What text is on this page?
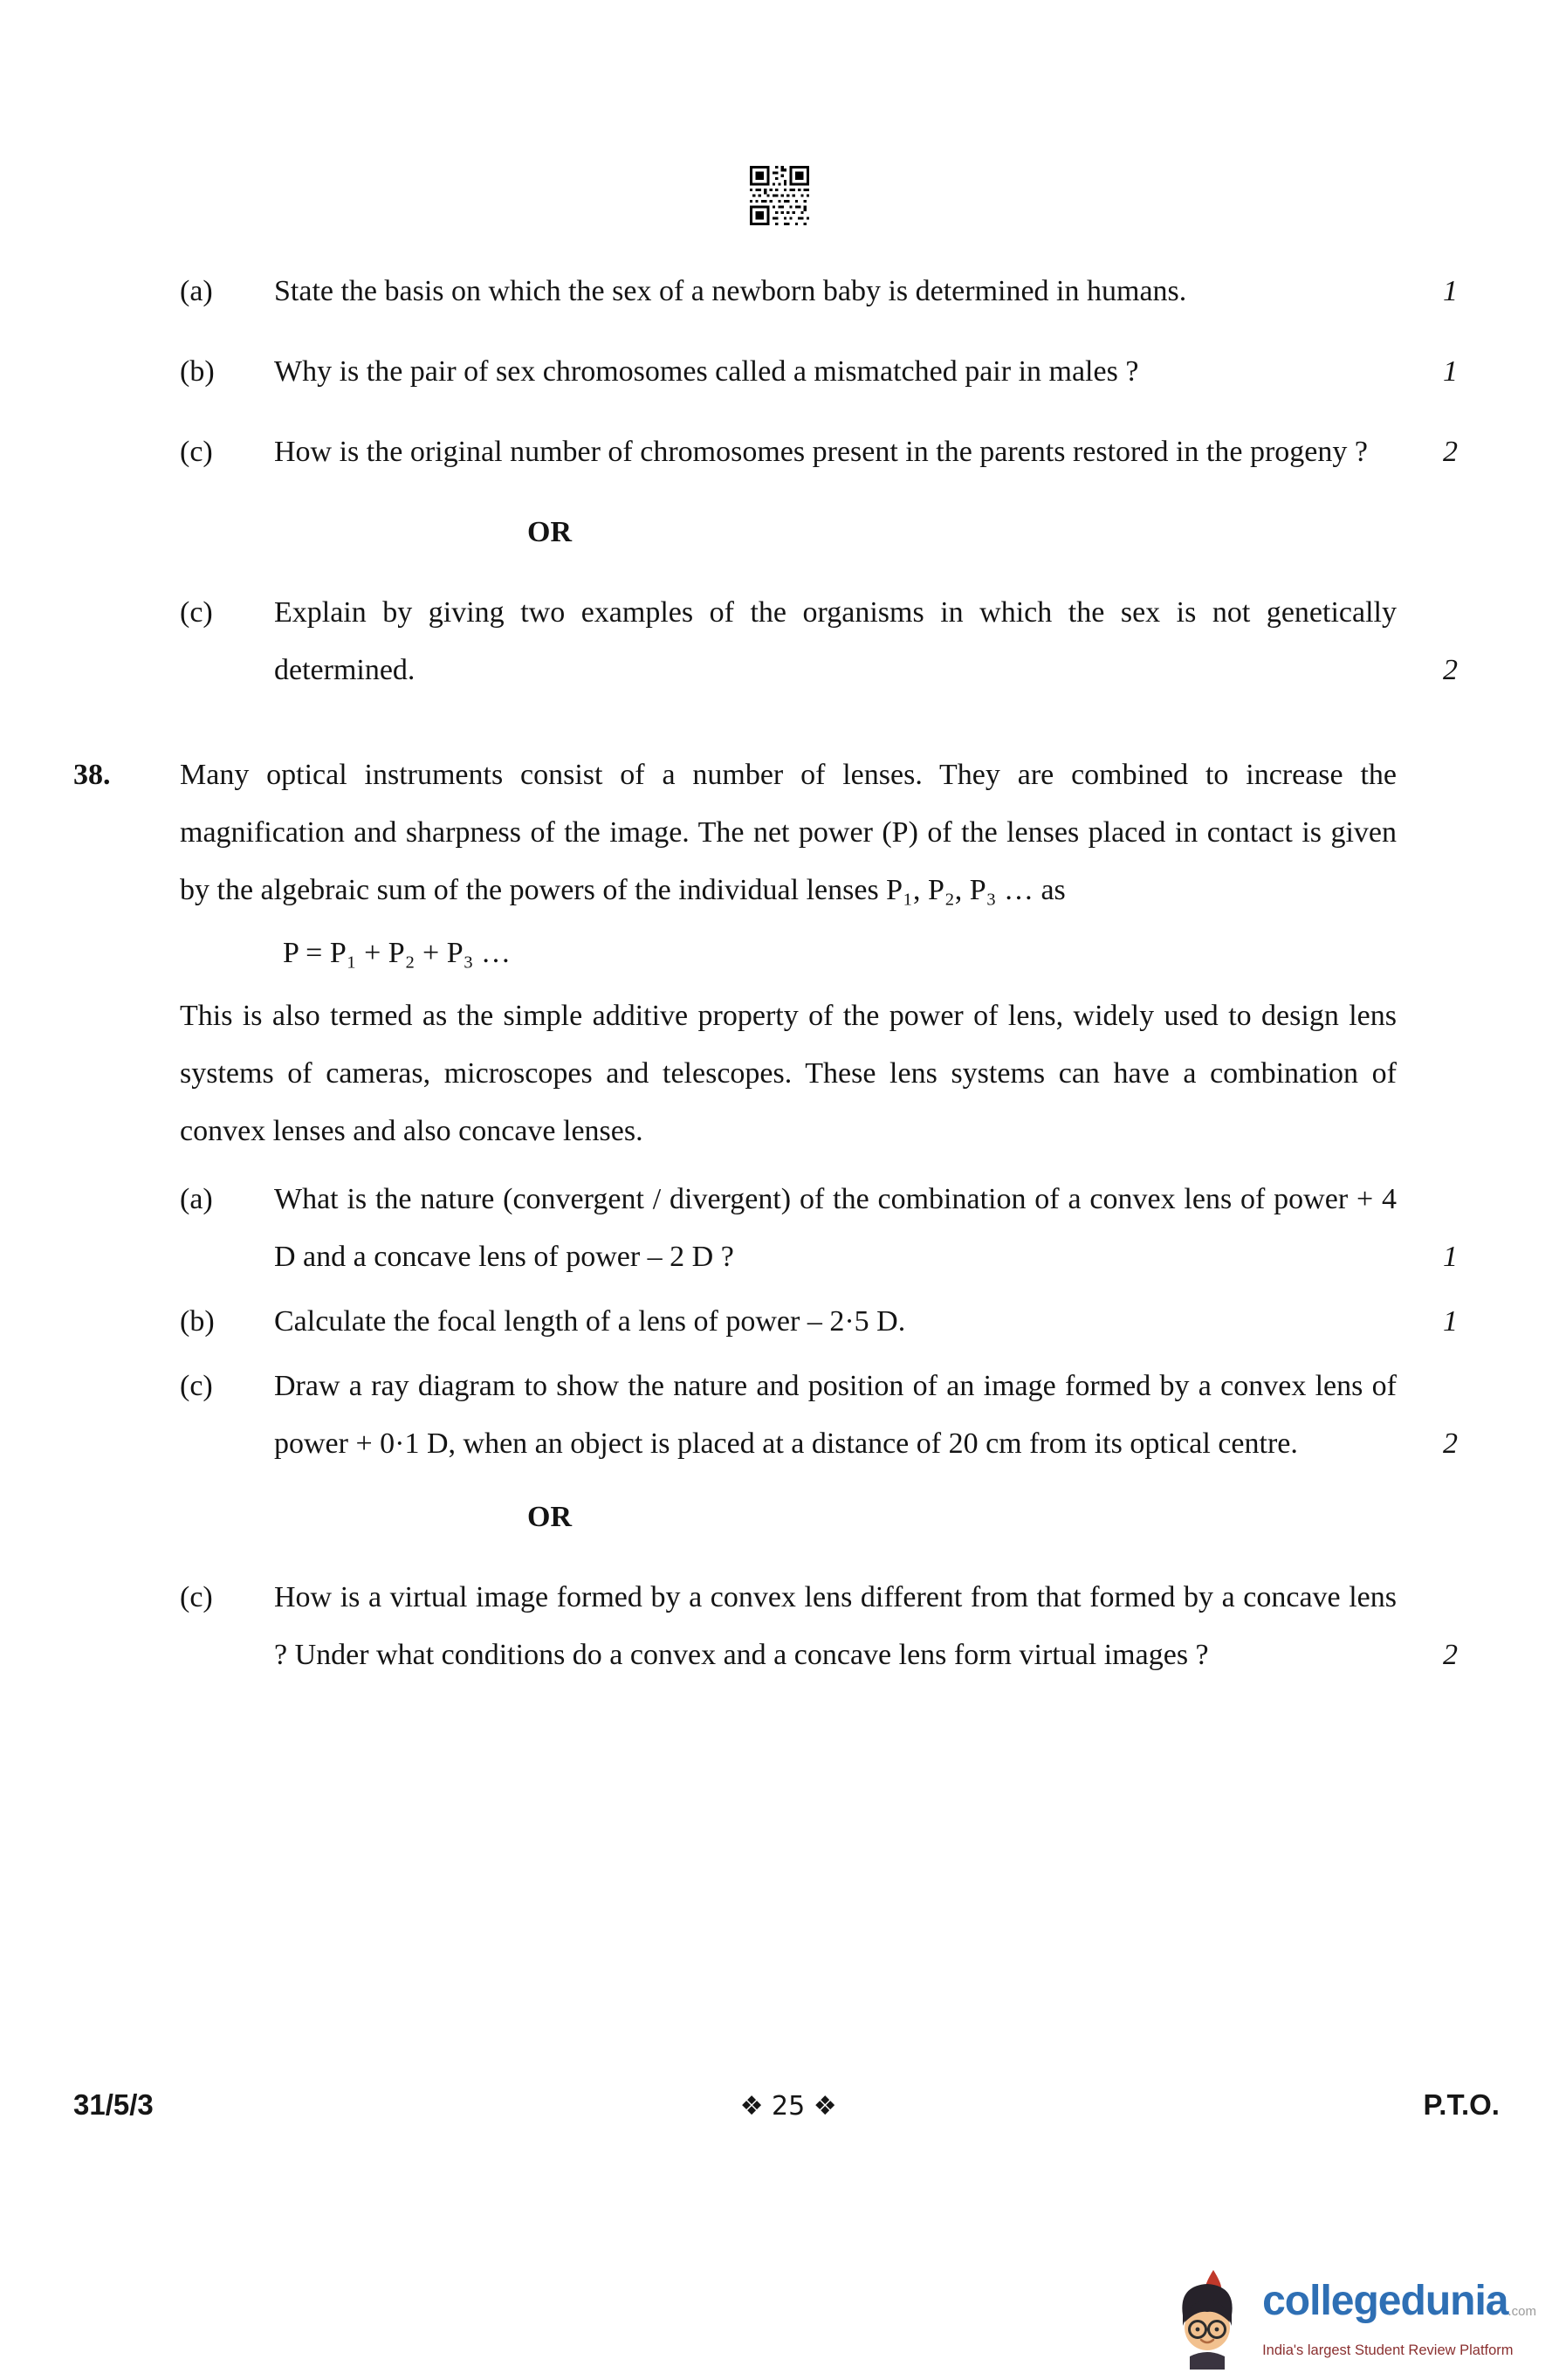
(a)	State the basis on which the sex of a newborn baby is determined in humans.	1
(b)	Why is the pair of sex chromosomes called a mismatched pair in males ?	1
(c)	How is the original number of chromosomes present in the parents restored in the progeny ?	2
OR
(c)	Explain by giving two examples of the organisms in which the sex is not genetically determined.	2
38.	Many optical instruments consist of a number of lenses. They are combined to increase the magnification and sharpness of the image. The net power (P) of the lenses placed in contact is given by the algebraic sum of the powers of the individual lenses P₁, P₂, P₃ … as
P = P₁ + P₂ + P₃ …
This is also termed as the simple additive property of the power of lens, widely used to design lens systems of cameras, microscopes and telescopes. These lens systems can have a combination of convex lenses and also concave lenses.
(a)	What is the nature (convergent / divergent) of the combination of a convex lens of power + 4 D and a concave lens of power – 2 D ?	1
(b)	Calculate the focal length of a lens of power – 2·5 D.	1
(c)	Draw a ray diagram to show the nature and position of an image formed by a convex lens of power + 0·1 D, when an object is placed at a distance of 20 cm from its optical centre.	2
OR
(c)	How is a virtual image formed by a convex lens different from that formed by a concave lens ? Under what conditions do a convex and a concave lens form virtual images ?	2
31/5/3	❖ 25 ❖	P.T.O.
collegedunia .com
India's largest Student Review Platform
